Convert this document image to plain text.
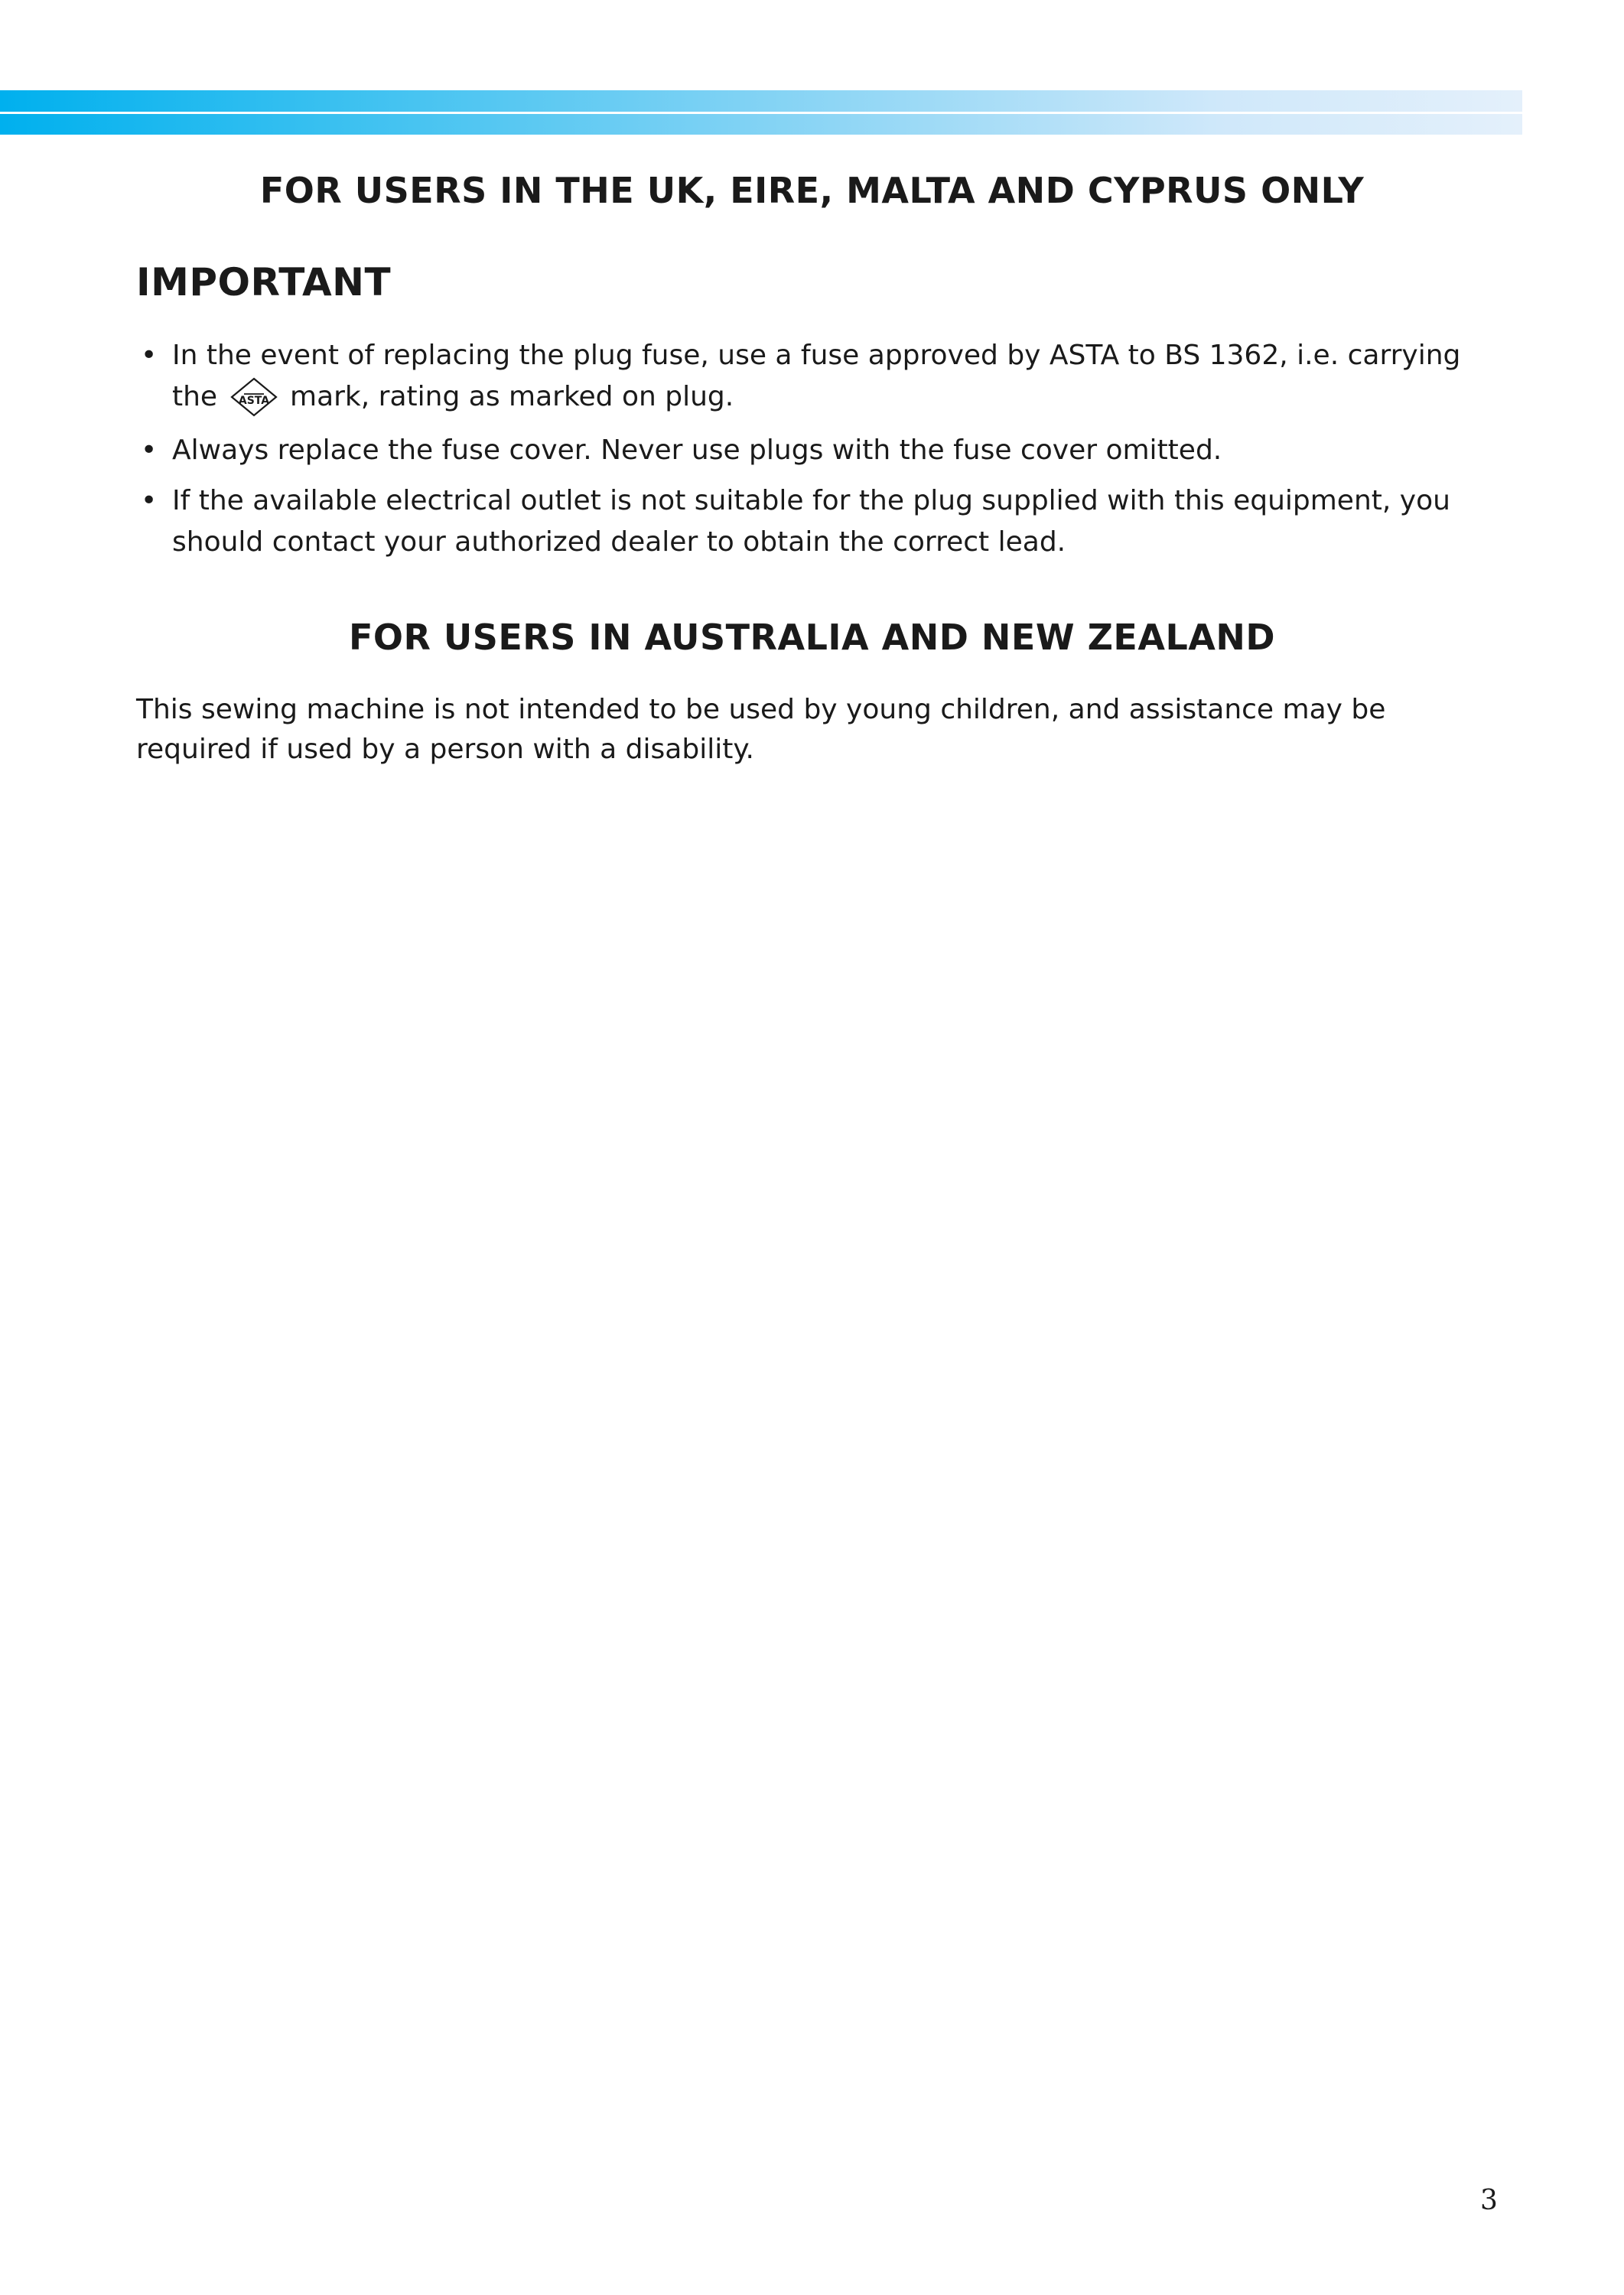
FOR USERS IN THE UK, EIRE, MALTA AND CYPRUS ONLY
IMPORTANT
• In the event of replacing the plug fuse, use a fuse approved by ASTA to BS 1362, i.e. carrying the ASTA mark, rating as marked on plug.
• Always replace the fuse cover. Never use plugs with the fuse cover omitted.
• If the available electrical outlet is not suitable for the plug supplied with this equipment, you should contact your authorized dealer to obtain the correct lead.
FOR USERS IN AUSTRALIA AND NEW ZEALAND

This sewing machine is not intended to be used by young children, and assistance may be required if used by a person with a disability.

3
